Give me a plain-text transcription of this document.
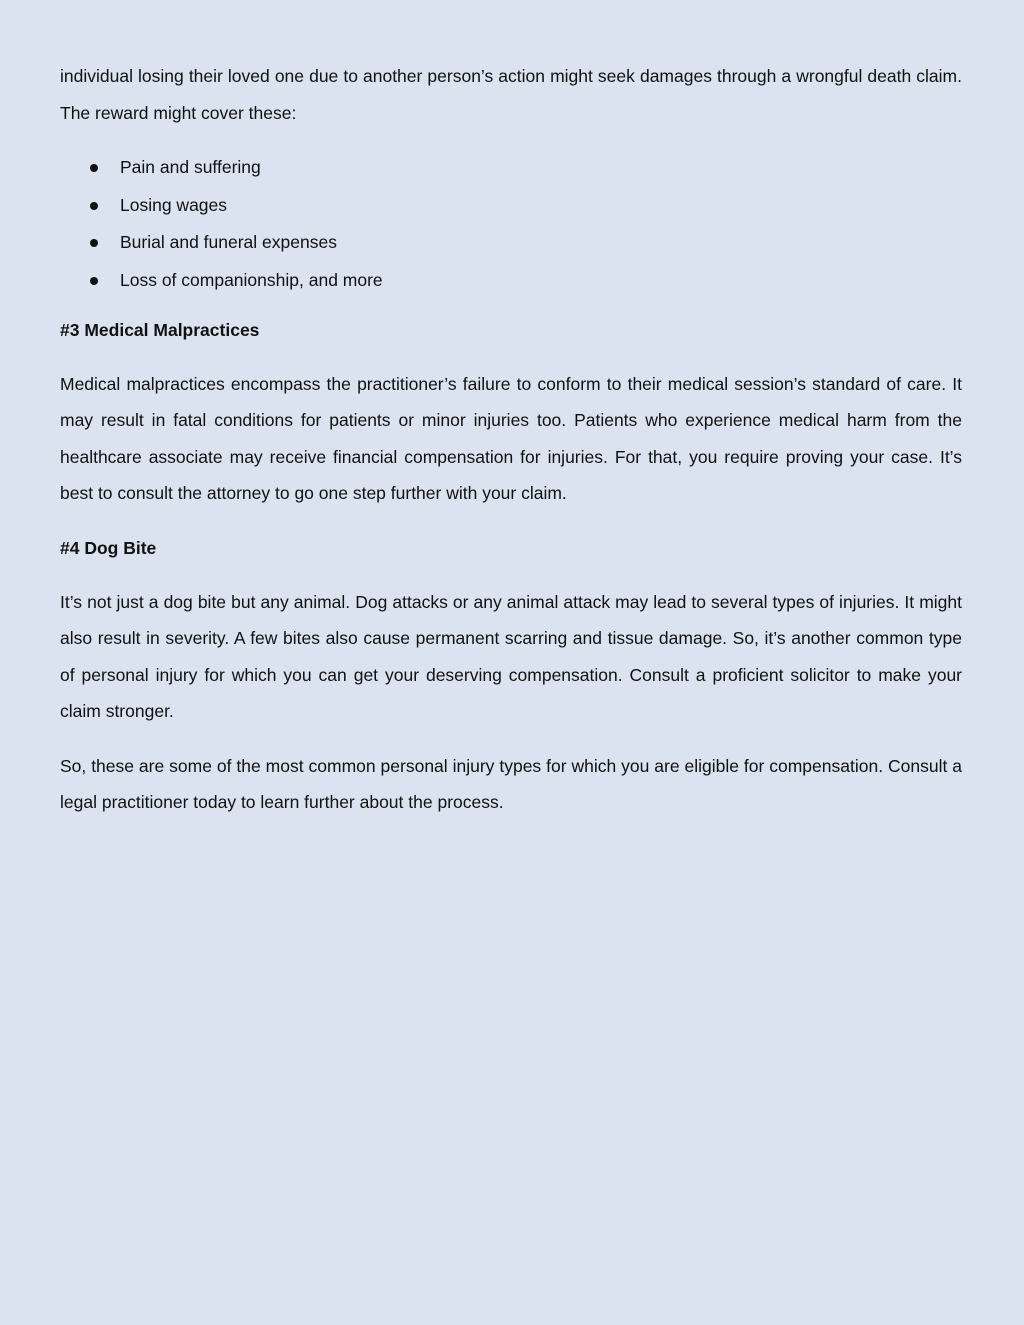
individual losing their loved one due to another person’s action might seek damages through a wrongful death claim. The reward might cover these:

Pain and suffering
Losing wages
Burial and funeral expenses
Loss of companionship, and more
#3 Medical Malpractices

Medical malpractices encompass the practitioner’s failure to conform to their medical session’s standard of care. It may result in fatal conditions for patients or minor injuries too. Patients who experience medical harm from the healthcare associate may receive financial compensation for injuries. For that, you require proving your case. It’s best to consult the attorney to go one step further with your claim.

#4 Dog Bite

It’s not just a dog bite but any animal. Dog attacks or any animal attack may lead to several types of injuries. It might also result in severity. A few bites also cause permanent scarring and tissue damage. So, it’s another common type of personal injury for which you can get your deserving compensation. Consult a proficient solicitor to make your claim stronger.

So, these are some of the most common personal injury types for which you are eligible for compensation. Consult a legal practitioner today to learn further about the process.
